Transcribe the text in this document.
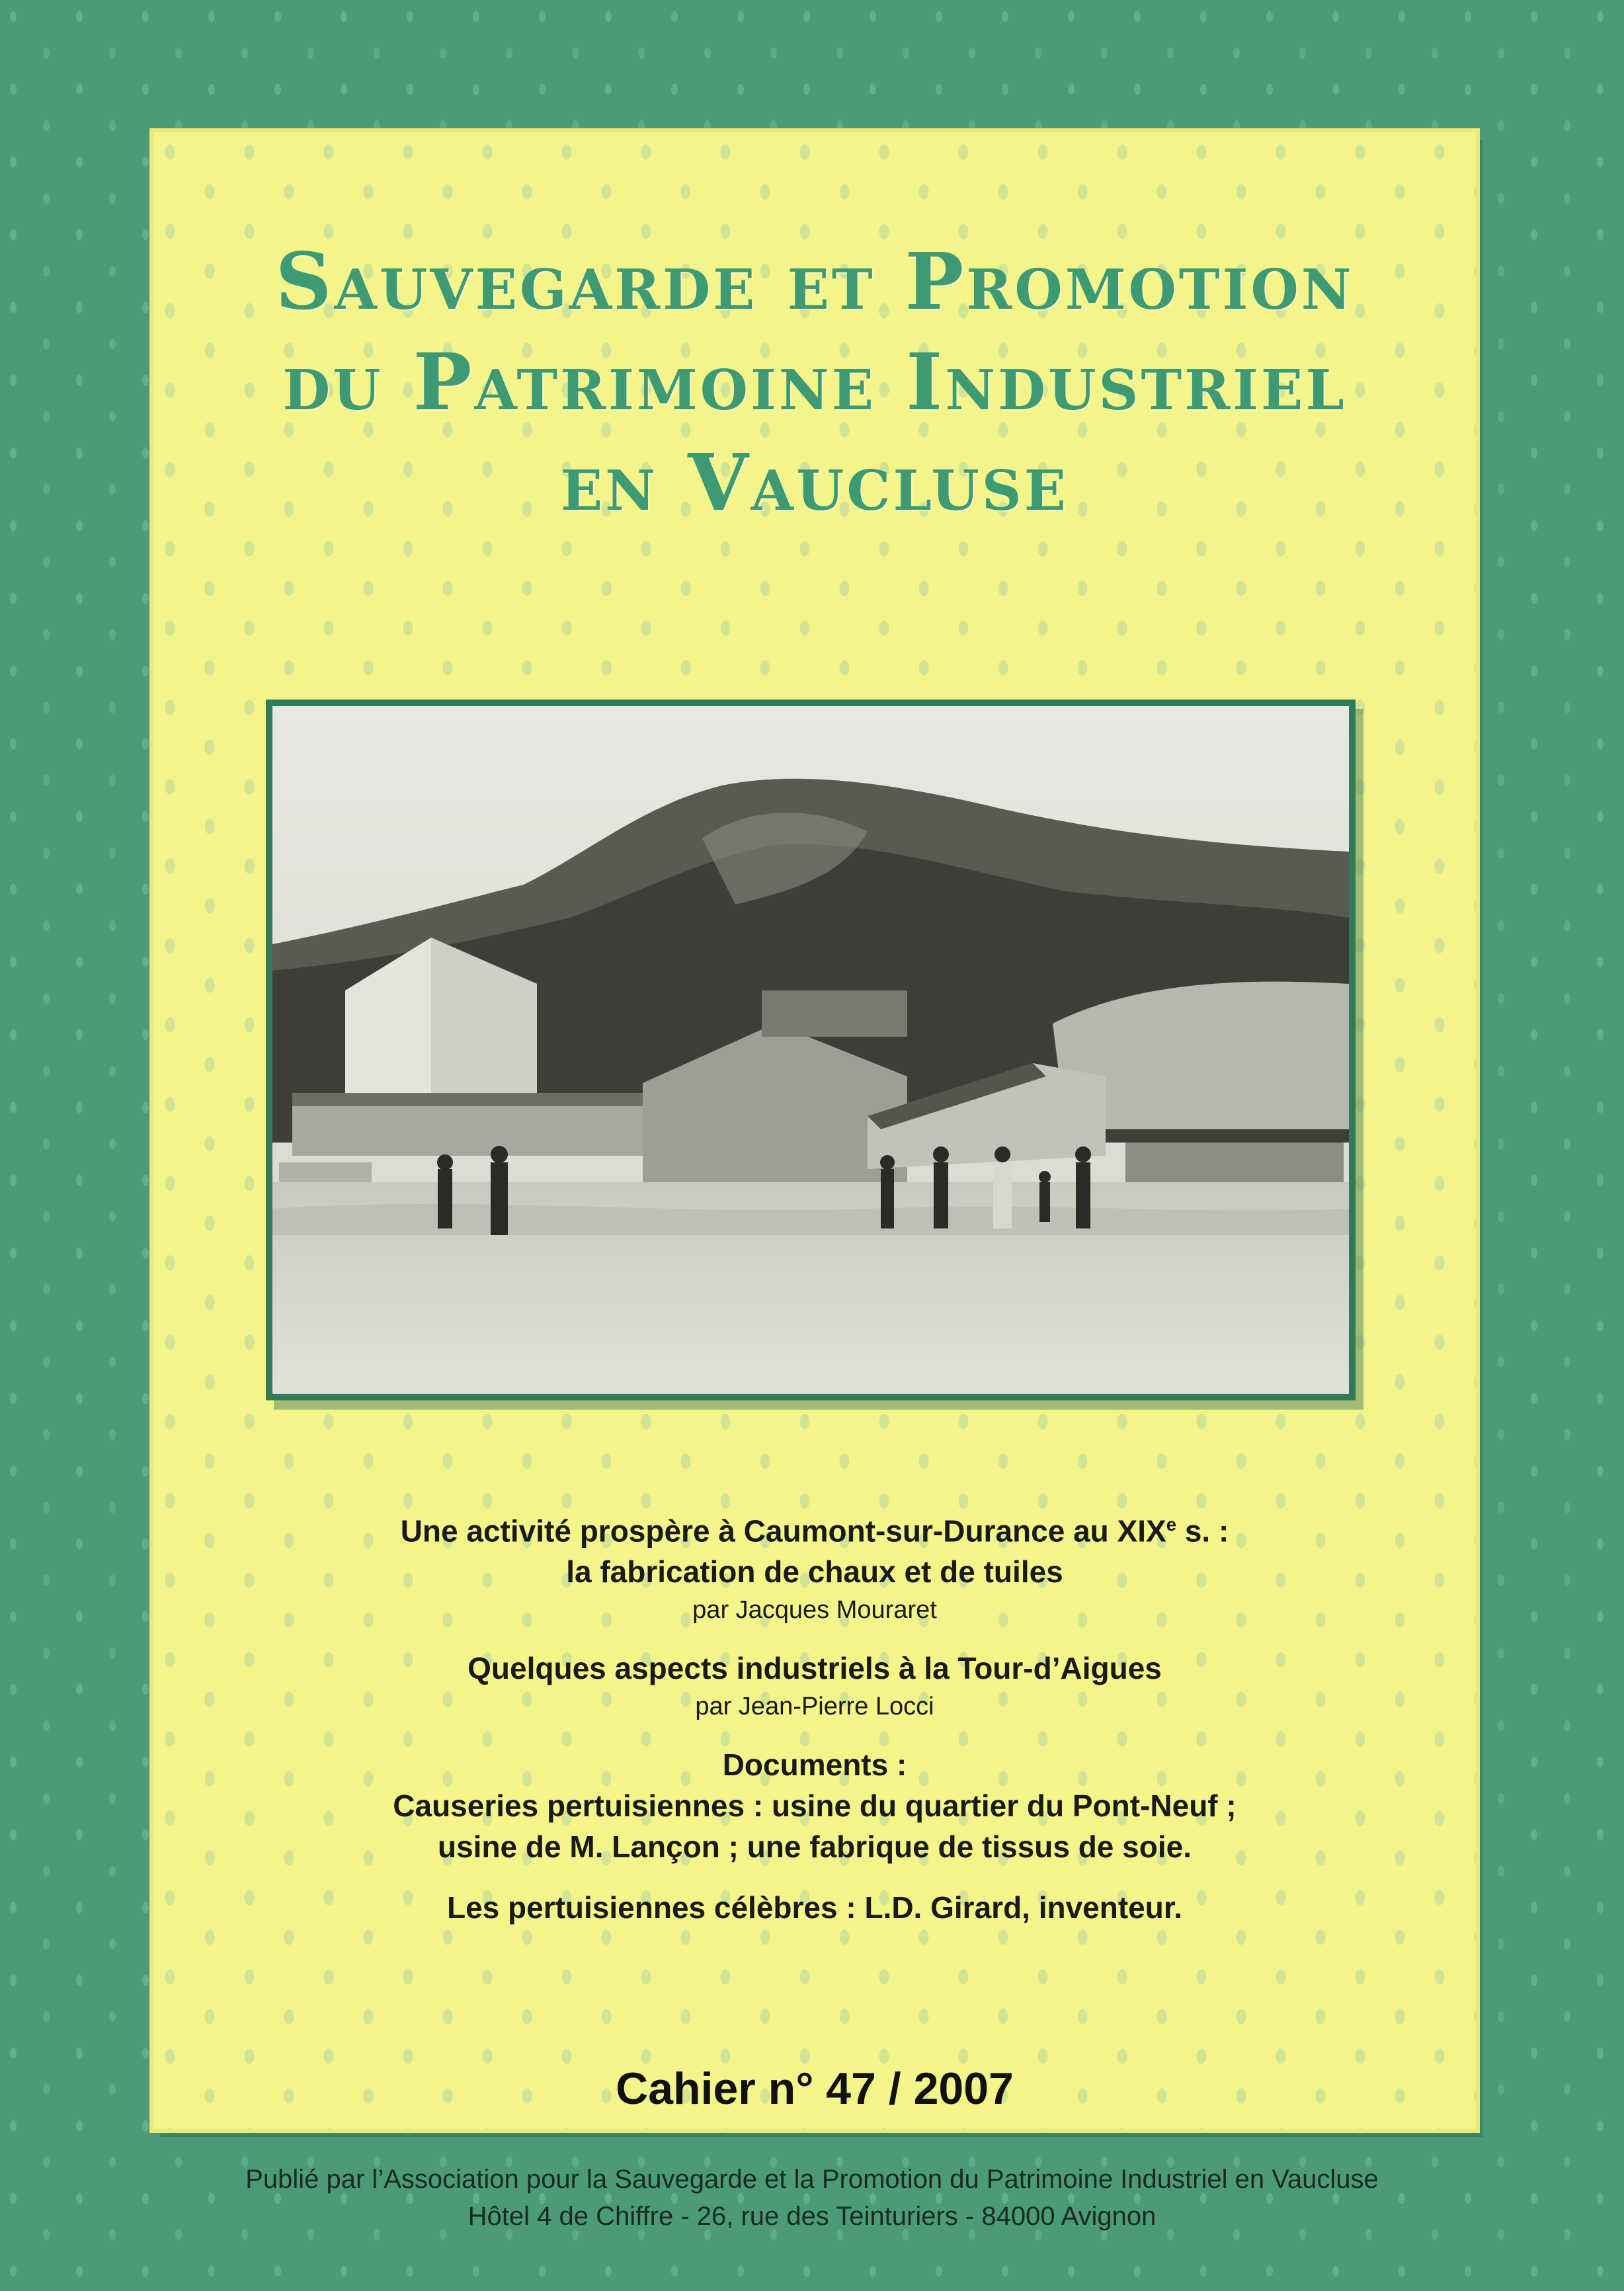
Sauvegarde et Promotion
du Patrimoine Industriel
en Vaucluse
Une activité prospère à Caumont-sur-Durance au XIXe s. :
la fabrication de chaux et de tuiles
par Jacques Mouraret
Quelques aspects industriels à la Tour-d’Aigues
par Jean-Pierre Locci
Documents :
Causeries pertuisiennes : usine du quartier du Pont-Neuf ;
usine de M. Lançon ; une fabrique de tissus de soie.
Les pertuisiennes célèbres : L.D. Girard, inventeur.
Cahier n° 47 / 2007
Publié par l’Association pour la Sauvegarde et la Promotion du Patrimoine Industriel en Vaucluse
Hôtel 4 de Chiffre - 26, rue des Teinturiers - 84000 Avignon
